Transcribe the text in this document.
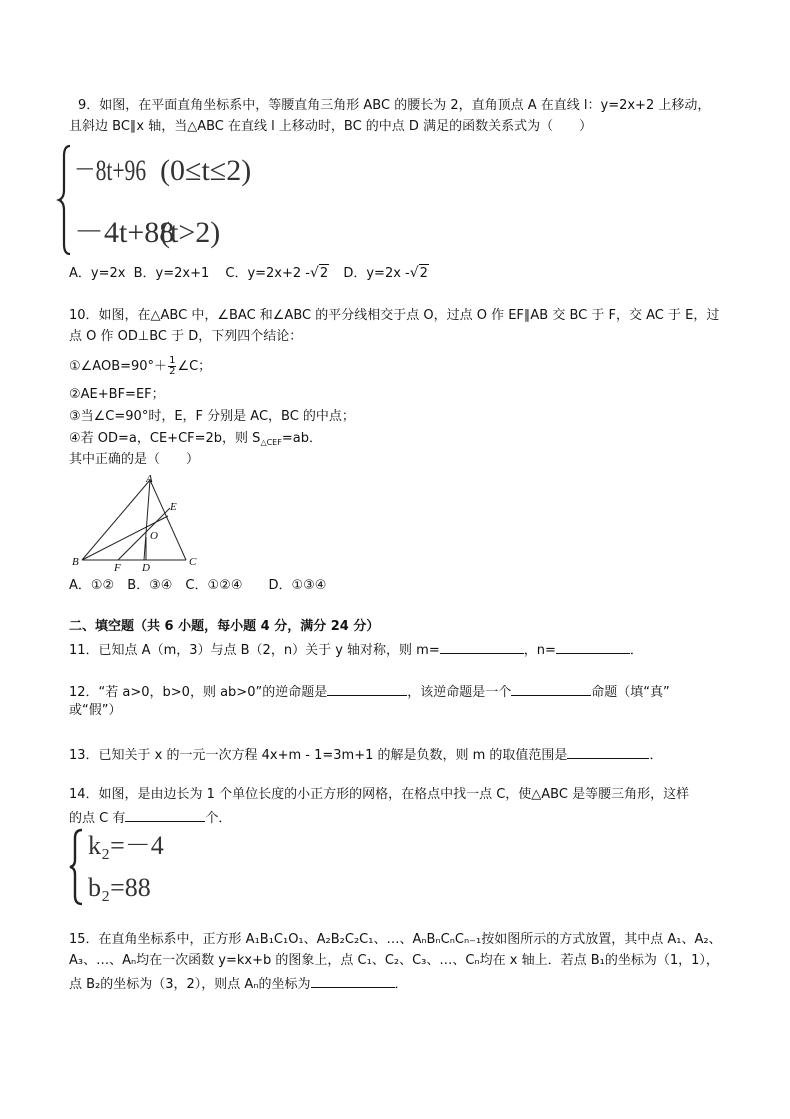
9．如图，在平面直角坐标系中，等腰直角三角形 ABC 的腰长为 2，直角顶点 A 在直线 l：y=2x+2 上移动，
且斜边 BC∥x 轴，当△ABC 在直线 l 上移动时，BC 的中点 D 满足的函数关系式为（　　）
－8t+96 (0≤t≤2)
－4t+88
(t>2)
A．y=2x B．y=2x+1 C．y=2x+2 -√2 D．y=2x -√2
10．如图，在△ABC 中，∠BAC 和∠ABC 的平分线相交于点 O，过点 O 作 EF∥AB 交 BC 于 F，交 AC 于 E，过
点 O 作 OD⊥BC 于 D，下列四个结论：
①∠AOB=90°＋ $\frac{1}{2}$ ∠C；
②AE+BF=EF；
③当∠C=90°时，E，F 分别是 AC，BC 的中点；
④若 OD=a，CE+CF=2b，则 $S_{\triangle CEF}=ab$．
其中正确的是（　　）
A
B	C
D
E
F
O
A．①②　B．③④　C．①②④　　D．①③④
二、填空题（共 6 小题，每小题 4 分，满分 24 分）
11．已知点 A（m，3）与点 B（2，n）关于 y 轴对称，则 m=	，n=	．
12．“若 a>0，b>0，则 ab>0”的逆命题是	，该逆命题是一个	命题（填“真”
或“假”）
13．已知关于 x 的一元一次方程 4x+m - 1=3m+1 的解是负数，则 m 的取值范围是	．
14．如图，是由边长为 1 个单位长度的小正方形的网格，在格点中找一点 C，使△ABC 是等腰三角形，这样
的点 C 有	个．
k₂=－4
b₂=88
15．在直角坐标系中，正方形 A₁B₁C₁O₁、A₂B₂C₂C₁、…、AₙBₙCₙCₙ₋₁按如图所示的方式放置，其中点 A₁、A₂、
A₃、…、Aₙ均在一次函数 y=kx+b 的图象上，点 C₁、C₂、C₃、…、Cₙ均在 x 轴上．若点 B₁的坐标为（1，1），
点 B₂的坐标为（3，2），则点 Aₙ的坐标为	．
